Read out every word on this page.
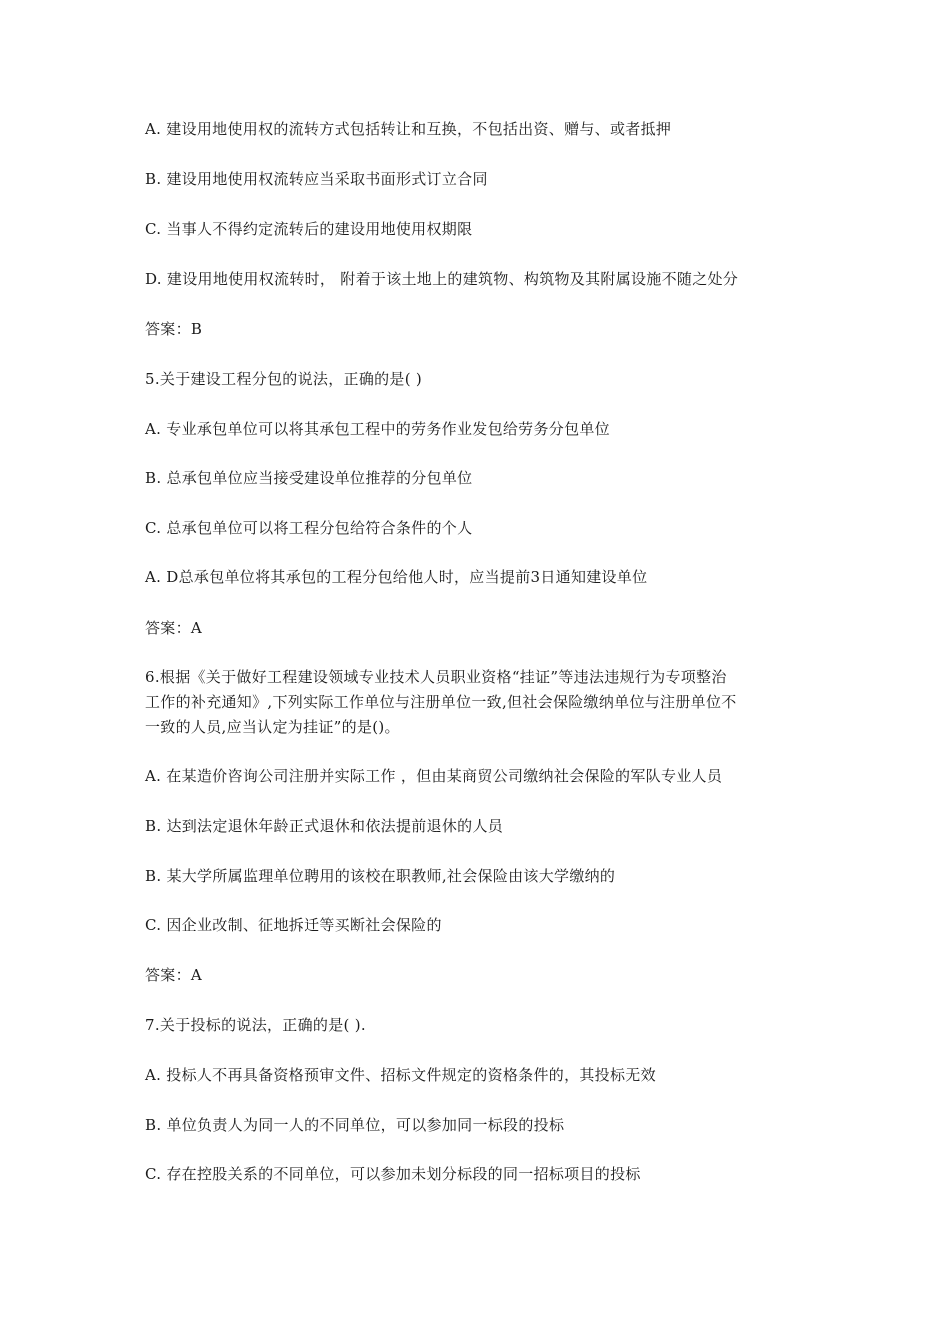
A. 建设用地使用权的流转方式包括转让和互换，不包括出资、赠与、或者抵押
B. 建设用地使用权流转应当采取书面形式订立合同
C. 当事人不得约定流转后的建设用地使用权期限
D. 建设用地使用权流转时， 附着于该土地上的建筑物、构筑物及其附属设施不随之处分
答案：B
5.关于建设工程分包的说法，正确的是( )
A. 专业承包单位可以将其承包工程中的劳务作业发包给劳务分包单位
B. 总承包单位应当接受建设单位推荐的分包单位
C. 总承包单位可以将工程分包给符合条件的个人
A. D总承包单位将其承包的工程分包给他人时，应当提前3日通知建设单位
答案：A
6.根据《关于做好工程建设领域专业技术人员职业资格“挂证”等违法违规行为专项整治
工作的补充通知》,下列实际工作单位与注册单位一致,但社会保险缴纳单位与注册单位不
一致的人员,应当认定为挂证”的是()。
A. 在某造价咨询公司注册并实际工作 ，但由某商贸公司缴纳社会保险的军队专业人员
B. 达到法定退休年龄正式退休和依法提前退休的人员
B. 某大学所属监理单位聘用的该校在职教师,社会保险由该大学缴纳的
C. 因企业改制、征地拆迁等买断社会保险的
答案：A
7.关于投标的说法，正确的是( ).
A. 投标人不再具备资格预审文件、招标文件规定的资格条件的，其投标无效
B. 单位负责人为同一人的不同单位，可以参加同一标段的投标
C. 存在控股关系的不同单位，可以参加未划分标段的同一招标项目的投标
